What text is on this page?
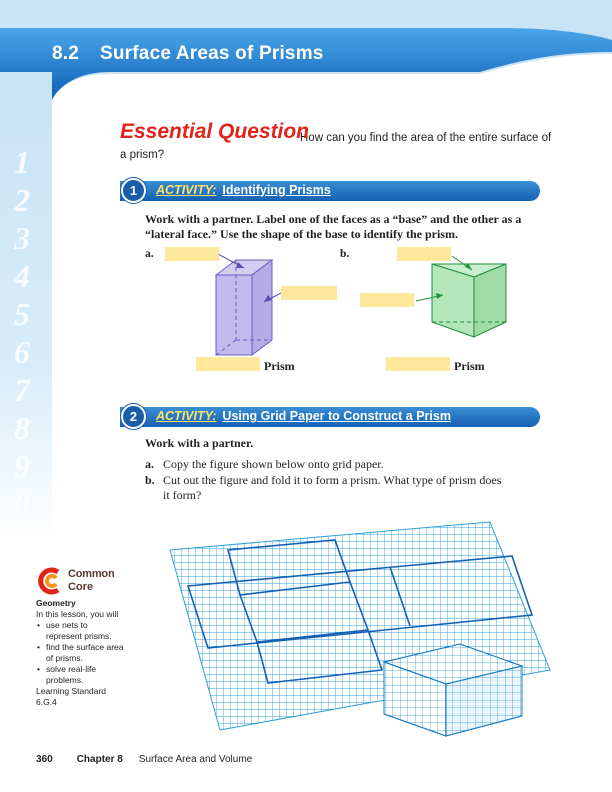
8.2 Surface Areas of Prisms
1
2
3
4
5
6
7
8
9
0
How can you find the area of the entire surface of a prism?
Essential Question
1	ACTIVITY: Identifying Prisms
Work with a partner. Label one of the faces as a “base” and the other as a “lateral face.” Use the shape of the base to identify the prism.
a.
Prism
b.
Prism
2	ACTIVITY: Using Grid Paper to Construct a Prism
Work with a partner.
a. Copy the figure shown below onto grid paper.
b. Cut out the figure and fold it to form a prism. What type of prism does
it form?
Common
Core
Geometry
In this lesson, you will
• use nets to
represent prisms.
• find the surface area
of prisms.
• solve real-life problems.
Learning Standard
6.G.4
360 Chapter 8 Surface Area and Volume
